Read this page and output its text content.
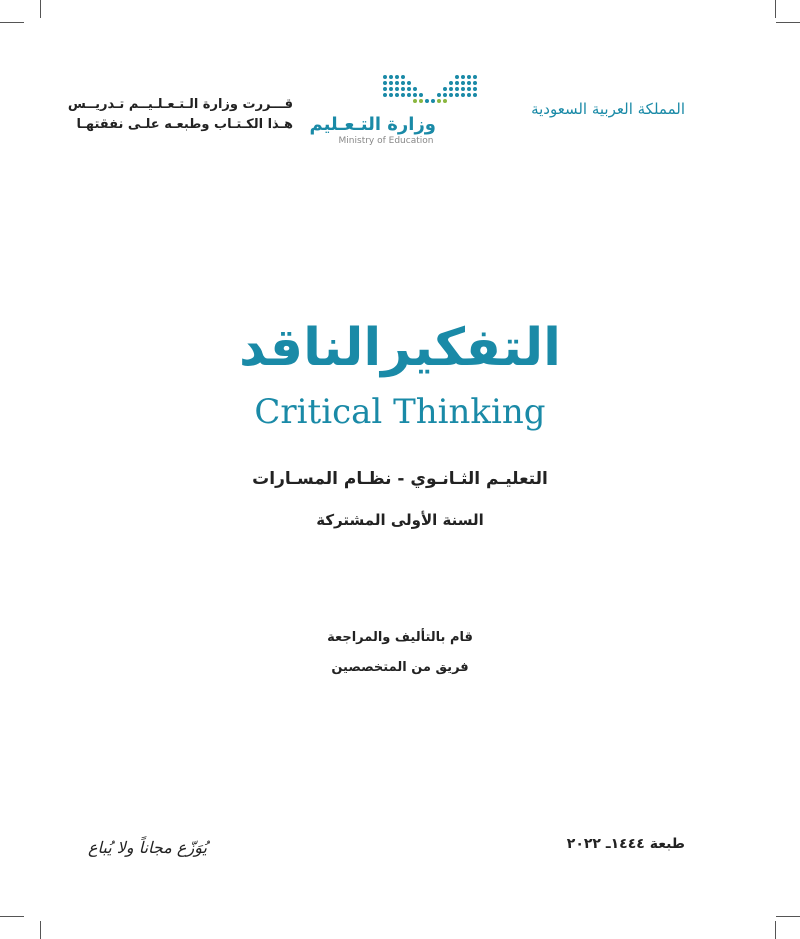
قـــررت وزارة الـتـعـلـيــم تـدريــس
هـذا الكـتـاب وطبعـه علـى نفقتهـا وزارة التـعـليم
Ministry of Education
المملكة العربية السعودية
التفكيرالناقد
Critical Thinking
التعليـم الثـانـوي - نظـام المسـارات
السنة الأولى المشتركة
قام بالتأليف والمراجعة
فريق من المتخصصين
طبعة ١٤٤٤ـ ٢٠٢٢
يُوَزّع مجاناً ولا يُباع
